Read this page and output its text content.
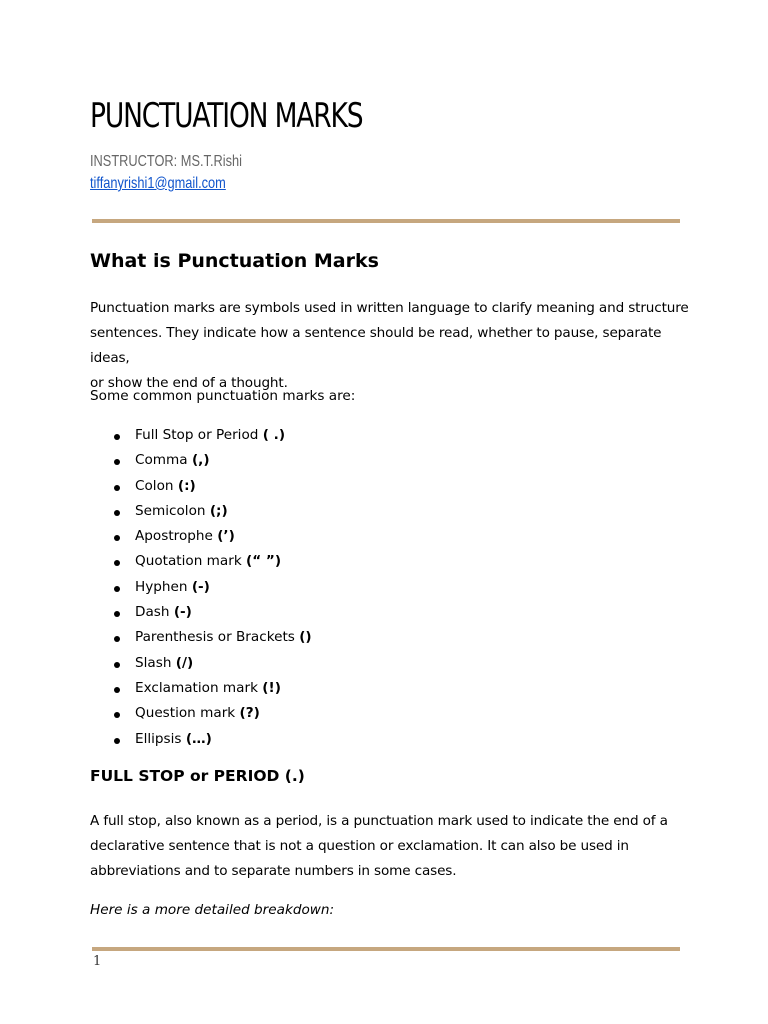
PUNCTUATION MARKS
INSTRUCTOR: MS.T.Rishi
tiffanyrishi1@gmail.com
What is Punctuation Marks

Punctuation marks are symbols used in written language to clarify meaning and structure
sentences. They indicate how a sentence should be read, whether to pause, separate ideas,
or show the end of a thought.

Some common punctuation marks are:

Full Stop or Period ( .)
Comma (,)
Colon (:)
Semicolon (;)
Apostrophe (’)
Quotation mark (“ ”)
Hyphen (-)
Dash (-)
Parenthesis or Brackets ()
Slash (/)
Exclamation mark (!)
Question mark (?)
Ellipsis (…)
FULL STOP or PERIOD (.)

A full stop, also known as a period, is a punctuation mark used to indicate the end of a
declarative sentence that is not a question or exclamation. It can also be used in
abbreviations and to separate numbers in some cases.

Here is a more detailed breakdown:

1
